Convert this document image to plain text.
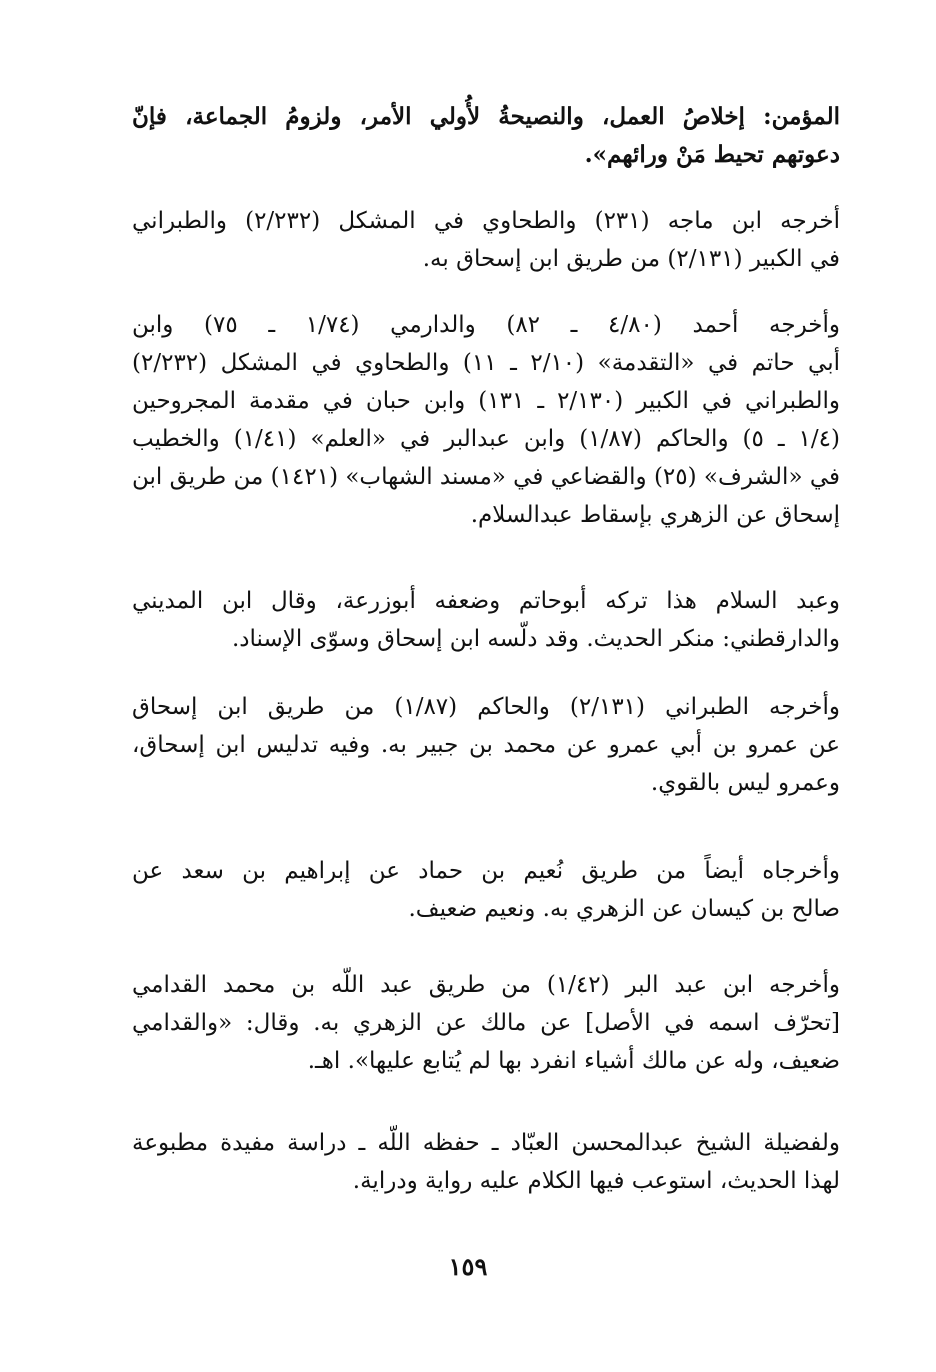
المؤمن: إخلاصُ العمل، والنصيحةُ لأُولي الأمر، ولزومُ الجماعة، فإنّ
دعوتهم تحيط مَنْ ورائهم».
أخرجه ابن ماجه (٢٣١) والطحاوي في المشكل (٢/٢٣٢) والطبراني
في الكبير (٢/١٣١) من طريق ابن إسحاق به.
وأخرجه أحمد (٤/٨٠ ـ ٨٢) والدارمي (١/٧٤ ـ ٧٥) وابن
أبي حاتم في «التقدمة» (٢/١٠ ـ ١١) والطحاوي في المشكل (٢/٢٣٢)
والطبراني في الكبير (٢/١٣٠ ـ ١٣١) وابن حبان في مقدمة المجروحين
(١/٤ ـ ٥) والحاكم (١/٨٧) وابن عبدالبر في «العلم» (١/٤١) والخطيب
في «الشرف» (٢٥) والقضاعي في «مسند الشهاب» (١٤٢١) من طريق ابن
إسحاق عن الزهري بإسقاط عبدالسلام.
وعبد السلام هذا تركه أبوحاتم وضعفه أبوزرعة، وقال ابن المديني
والدارقطني: منكر الحديث. وقد دلّسه ابن إسحاق وسوّى الإسناد.
وأخرجه الطبراني (٢/١٣١) والحاكم (١/٨٧) من طريق ابن إسحاق
عن عمرو بن أبي عمرو عن محمد بن جبير به. وفيه تدليس ابن إسحاق،
وعمرو ليس بالقوي.
وأخرجاه أيضاً من طريق نُعيم بن حماد عن إبراهيم بن سعد عن
صالح بن كيسان عن الزهري به. ونعيم ضعيف.
وأخرجه ابن عبد البر (١/٤٢) من طريق عبد اللّه بن محمد القدامي
[تحرّف اسمه في الأصل] عن مالك عن الزهري به. وقال: «والقدامي
ضعيف، وله عن مالك أشياء انفرد بها لم يُتابع عليها». اهـ.
ولفضيلة الشيخ عبدالمحسن العبّاد ـ حفظه اللّه ـ دراسة مفيدة مطبوعة
لهذا الحديث، استوعب فيها الكلام عليه رواية ودراية.
١٥٩
